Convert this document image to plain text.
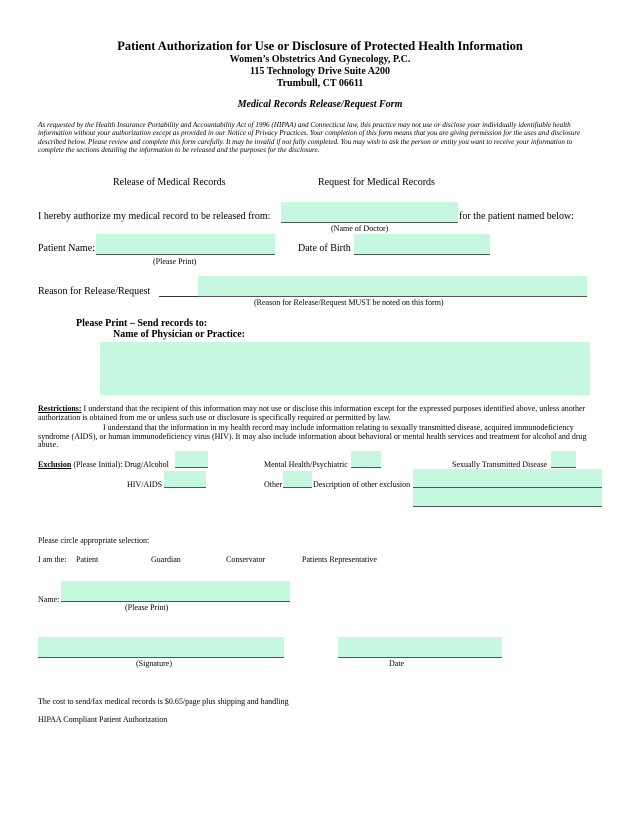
Patient Authorization for Use or Disclosure of Protected Health Information
Women’s Obstetrics And Gynecology, P.C.
115 Technology Drive Suite A200
Trumbull, CT 06611
Medical Records Release/Request Form
As requested by the Health Insurance Portability and Accountability Act of 1996 (HIPAA) and Connecticut law, this practice may not use or disclose your individually identifiable health information without your authorization except as provided in our Notice of Privacy Practices. Your completion of this form means that you are giving permission for the uses and disclosure described below. Please review and complete this form carefully. It may be invalid if not fully completed. You may wish to ask the person or entity you want to receive your information to complete the sections detailing the information to be released and the purposes for the disclosure.
Release of Medical Records	Request for Medical Records
I hereby authorize my medical record to be released from:	for the patient named below:
(Name of Doctor)
Patient Name:
(Please Print)
Date of Birth
Reason for Release/Request
(Reason for Release/Request MUST be noted on this form)
Please Print – Send records to:
Name of Physician or Practice:
Restrictions: I understand that the recipient of this information may not use or disclose this information except for the expressed purposes identified above, unless another authorization is obtained from me or unless such use or disclosure is specifically required or permitted by law.
I understand that the information in my health record may include information relating to sexually transmitted disease, acquired immunodeficiency syndrome (AIDS), or human immunodeficiency virus (HIV). It may also include information about behavioral or mental health services and treatment for alcohol and drug abuse.
Exclusion (Please Initial): Drug/Alcohol	Mental Health/Psychiatric	Sexually Transmitted Disease
HIV/AIDS	Other	Description of other exclusion
Please circle appropriate selection:
I am the: Patient	Guardian	Conservator	Patients Representative
Name:
(Please Print)
(Signature)	Date
The cost to send/fax medical records is $0.65/page plus shipping and handling
HIPAA Compliant Patient Authorization
